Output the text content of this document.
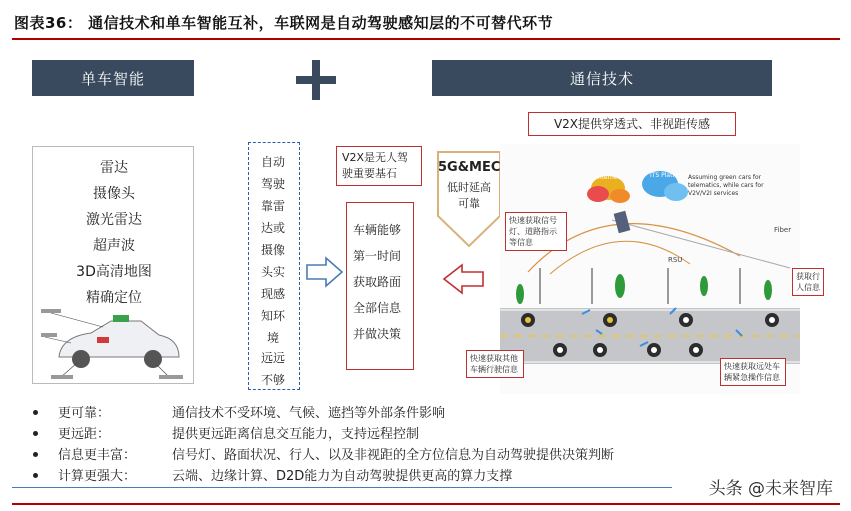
图表36： 通信技术和单车智能互补，车联网是自动驾驶感知层的不可替代环节
单车智能	通信技术
雷达
摄像头
激光雷达
超声波
3D高清地图
精确定位
自动驾驶靠雷达或摄像头实现感知环境
远远不够
V2X是无人驾驶重要基石
车辆能够第一时间获取路面全部信息并做决策
5G&MEC
低时延高可靠
V2X提供穿透式、非视距传感
Internet	ITS Platform Assuming green cars for telematics, while cars for V2V/V2I services
Fiber
RSU
快速获取信号灯、道路指示等信息
获取行人信息
快速获取其他车辆行驶信息	快速获取远处车辆紧急操作信息
更可靠：	通信技术不受环境、气候、遮挡等外部条件影响
更远距：	提供更远距离信息交互能力，支持远程控制
信息更丰富：	信号灯、路面状况、行人、以及非视距的全方位信息为自动驾驶提供决策判断
计算更强大：	云端、边缘计算、D2D能力为自动驾驶提供更高的算力支撑
头条 @未来智库
